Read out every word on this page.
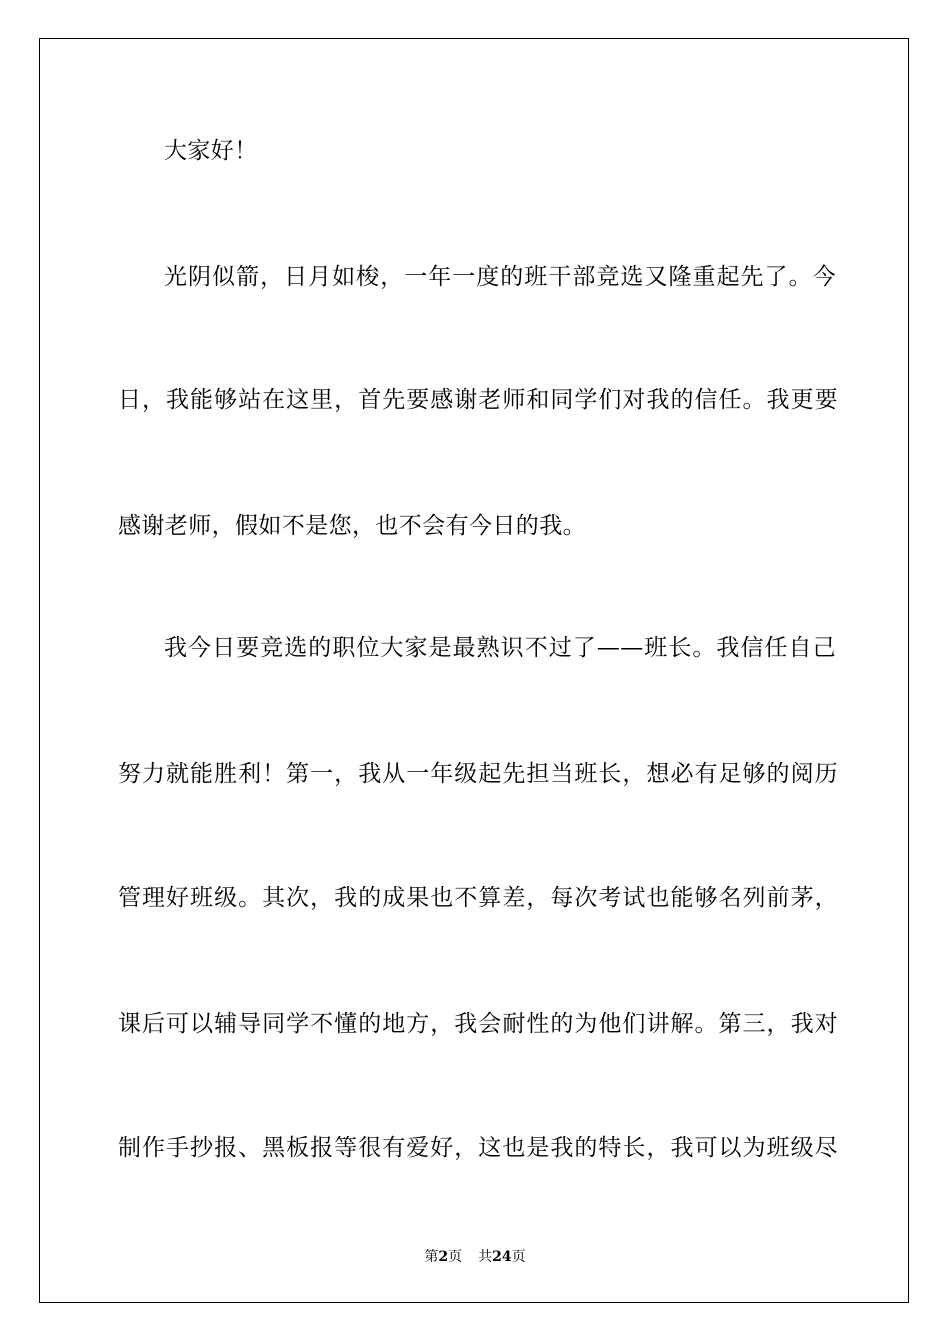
大家好！
光阴似箭，日月如梭，一年一度的班干部竞选又隆重起先了。今
日，我能够站在这里，首先要感谢老师和同学们对我的信任。我更要
感谢老师，假如不是您，也不会有今日的我。
我今日要竞选的职位大家是最熟识不过了——班长。我信任自己
努力就能胜利！第一，我从一年级起先担当班长，想必有足够的阅历
管理好班级。其次，我的成果也不算差，每次考试也能够名列前茅，
课后可以辅导同学不懂的地方，我会耐性的为他们讲解。第三，我对
制作手抄报、黑板报等很有爱好，这也是我的特长，我可以为班级尽
第2页 共24页
